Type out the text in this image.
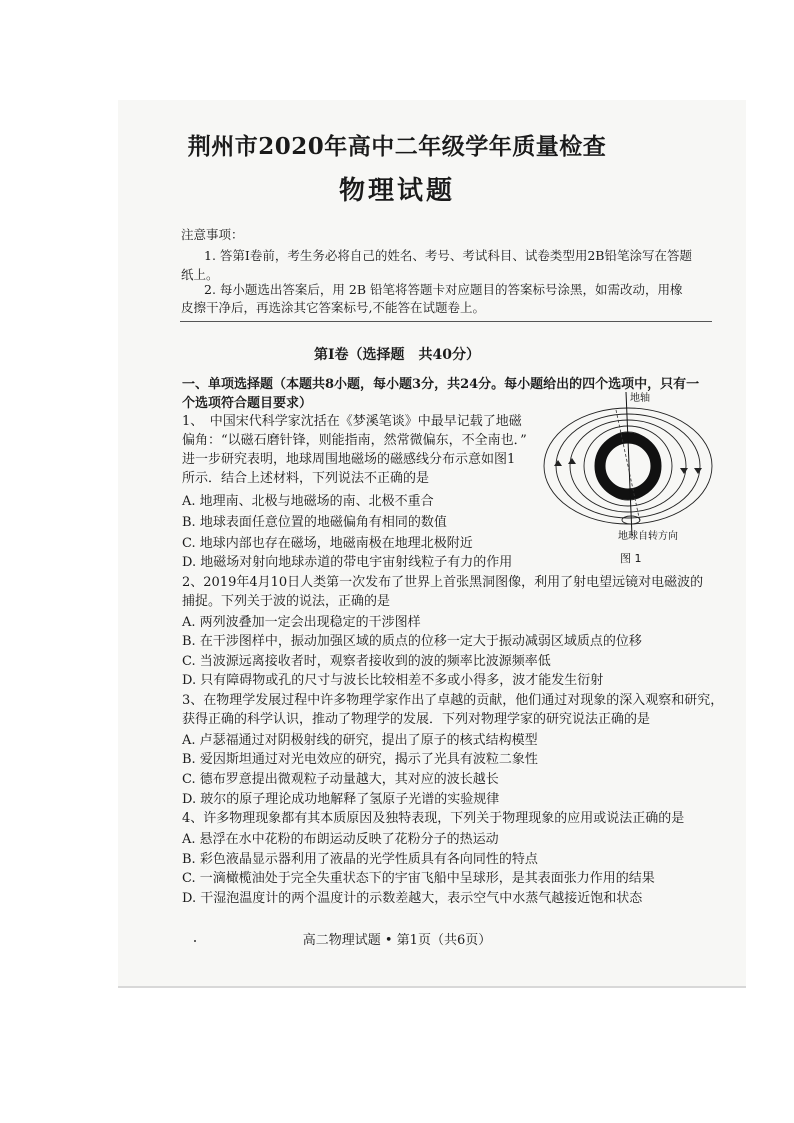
荆州市2020年高中二年级学年质量检查
物理试题
注意事项：
1. 答第Ⅰ卷前，考生务必将自己的姓名、考号、考试科目、试卷类型用2B铅笔涂写在答题
纸上。
2. 每小题选出答案后，用 2B 铅笔将答题卡对应题目的答案标号涂黑，如需改动，用橡
皮擦干净后，再选涂其它答案标号,不能答在试题卷上。
第Ⅰ卷（选择题　共40分）
一、单项选择题（本题共8小题，每小题3分，共24分。每小题给出的四个选项中，只有一
个选项符合题目要求）
1、　中国宋代科学家沈括在《梦溪笔谈》中最早记载了地磁
偏角：“以磁石磨针锋，则能指南，然常微偏东，不全南也．”
进一步研究表明，地球周围地磁场的磁感线分布示意如图1
所示．结合上述材料，下列说法不正确的是
A. 地理南、北极与地磁场的南、北极不重合
B. 地球表面任意位置的地磁偏角有相同的数值
C. 地球内部也存在磁场，地磁南极在地理北极附近
D. 地磁场对射向地球赤道的带电宇宙射线粒子有力的作用
地轴
地球自转方向
图 1
2、2019年4月10日人类第一次发布了世界上首张黑洞图像，利用了射电望远镜对电磁波的
捕捉。下列关于波的说法，正确的是
A. 两列波叠加一定会出现稳定的干涉图样
B. 在干涉图样中，振动加强区域的质点的位移一定大于振动减弱区域质点的位移
C. 当波源远离接收者时，观察者接收到的波的频率比波源频率低
D. 只有障碍物或孔的尺寸与波长比较相差不多或小得多，波才能发生衍射
3、在物理学发展过程中许多物理学家作出了卓越的贡献，他们通过对现象的深入观察和研究，
获得正确的科学认识，推动了物理学的发展．下列对物理学家的研究说法正确的是
A. 卢瑟福通过对阴极射线的研究，提出了原子的核式结构模型
B. 爱因斯坦通过对光电效应的研究，揭示了光具有波粒二象性
C. 德布罗意提出微观粒子动量越大，其对应的波长越长
D. 玻尔的原子理论成功地解释了氢原子光谱的实验规律
4、许多物理现象都有其本质原因及独特表现，下列关于物理现象的应用或说法正确的是
A. 悬浮在水中花粉的布朗运动反映了花粉分子的热运动
B. 彩色液晶显示器利用了液晶的光学性质具有各向同性的特点
C. 一滴橄榄油处于完全失重状态下的宇宙飞船中呈球形，是其表面张力作用的结果
D. 干湿泡温度计的两个温度计的示数差越大，表示空气中水蒸气越接近饱和状态
高二物理试题 • 第1页（共6页）
